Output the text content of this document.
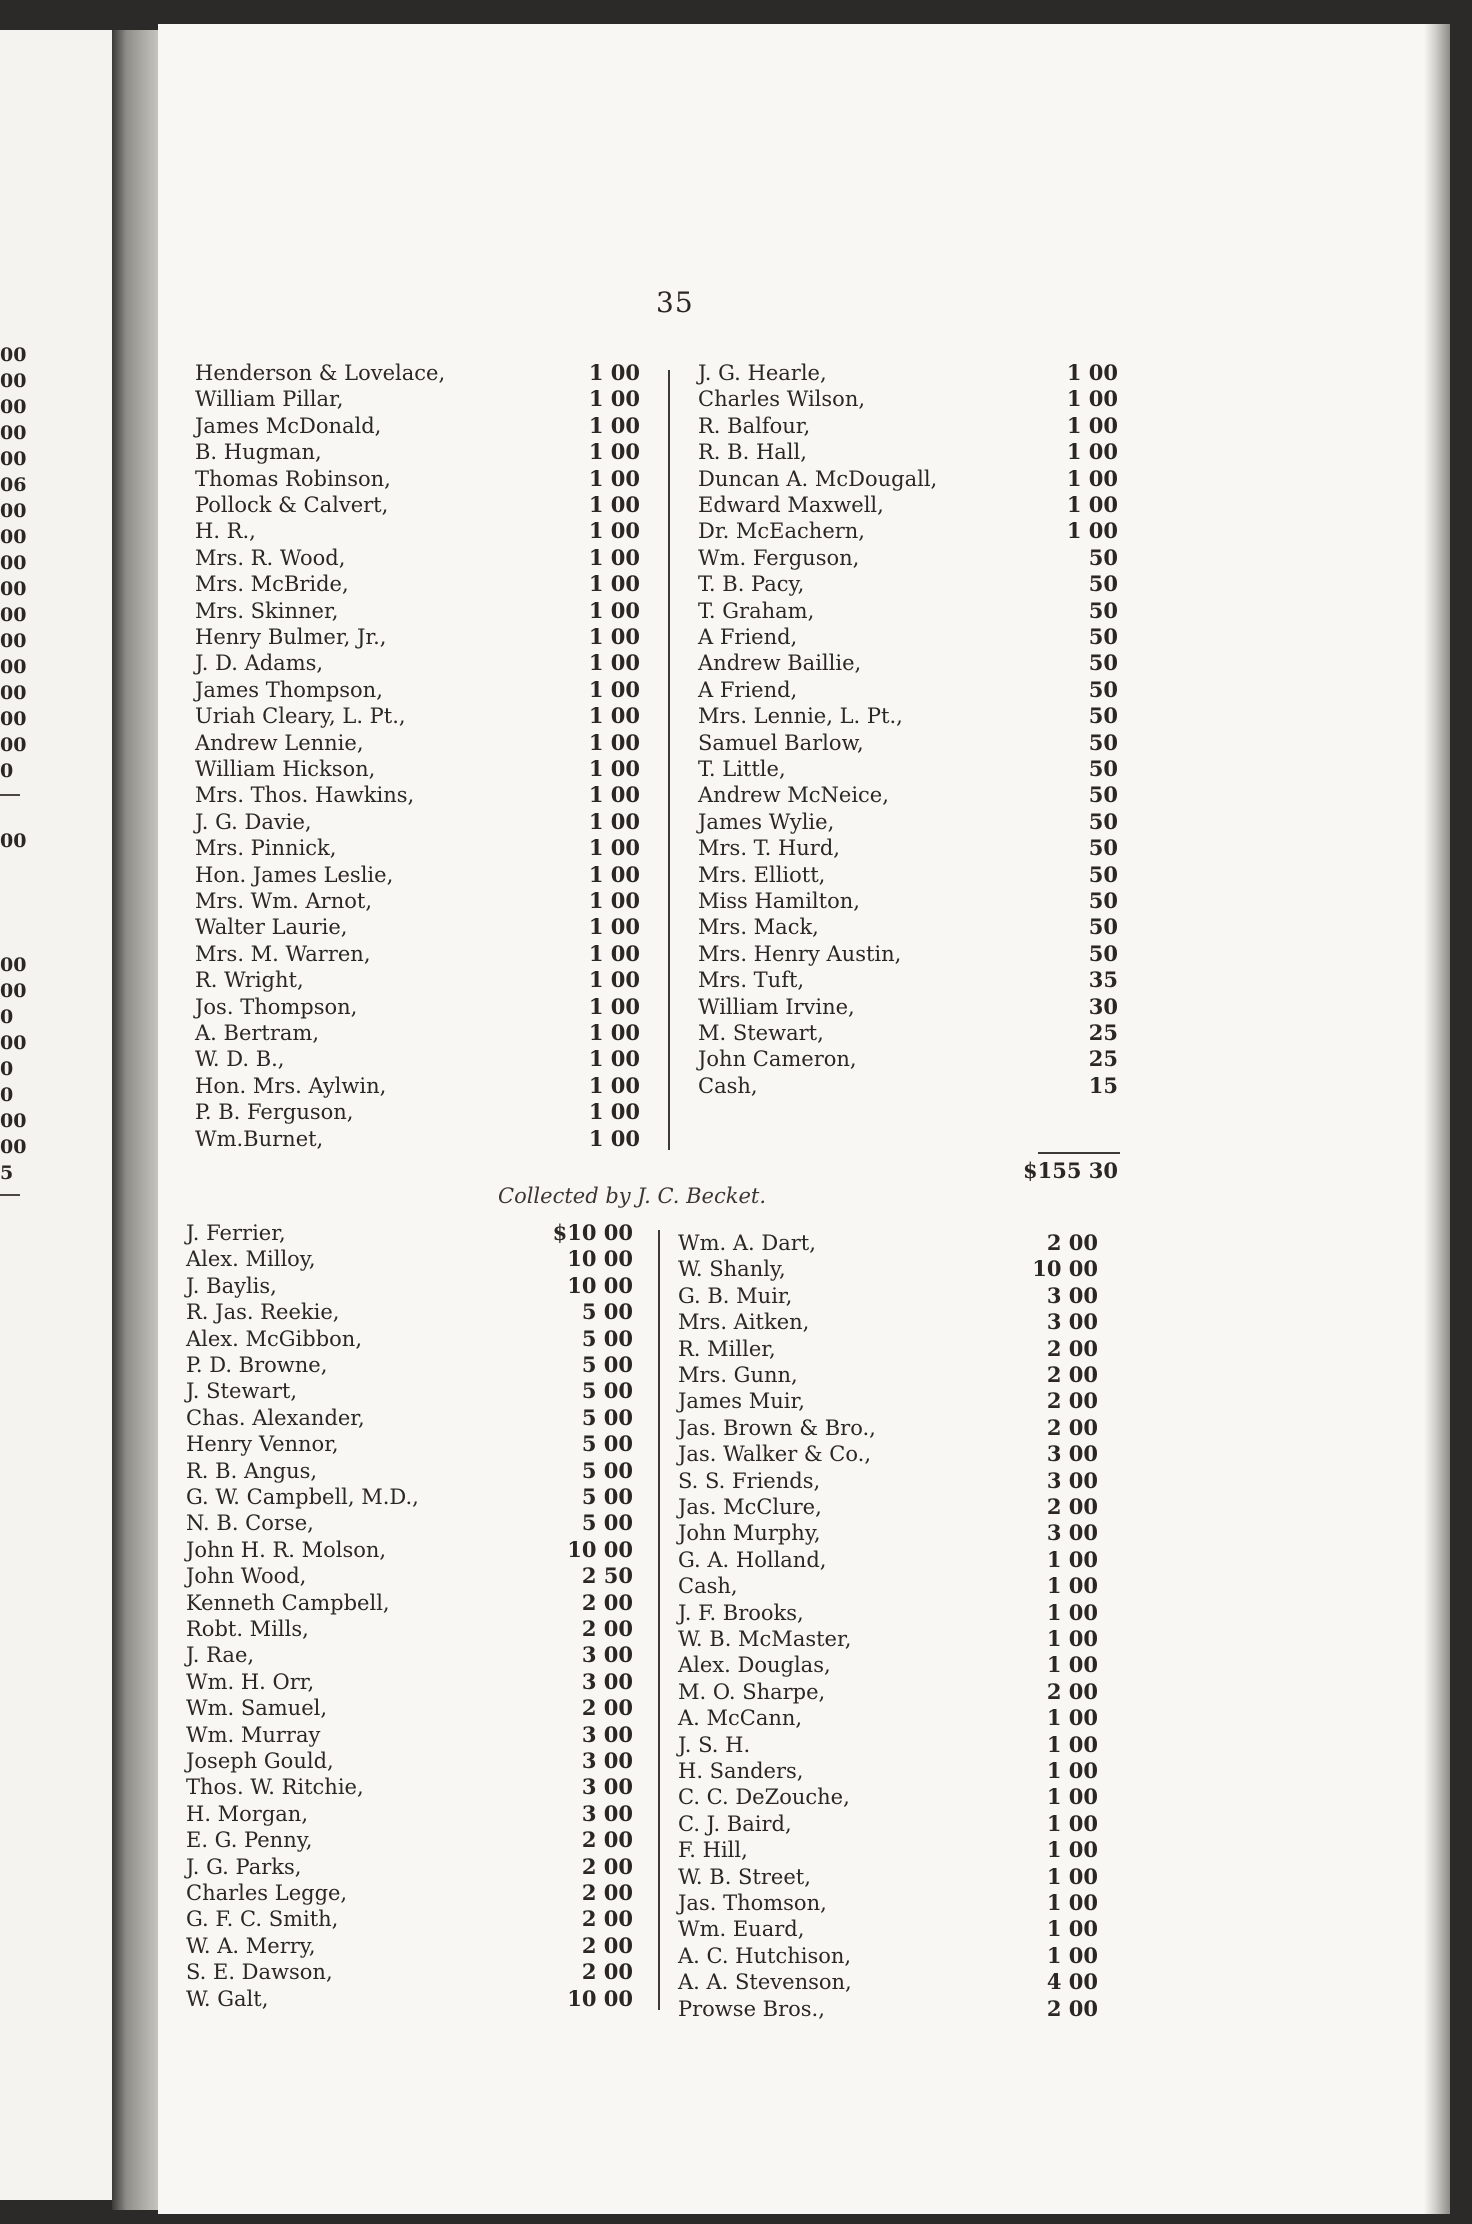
00
00
00
00
00
06
00
00
00
00
00
00
00
00
00
00
0
00
00
00
0
00
0
0
00
00
5
35
Henderson & Lovelace,	1 00
William Pillar,	1 00
James McDonald,	1 00
B. Hugman,	1 00
Thomas Robinson,	1 00
Pollock & Calvert,	1 00
H. R.,	1 00
Mrs. R. Wood,	1 00
Mrs. McBride,	1 00
Mrs. Skinner,	1 00
Henry Bulmer, Jr.,	1 00
J. D. Adams,	1 00
James Thompson,	1 00
Uriah Cleary, L. Pt.,	1 00
Andrew Lennie,	1 00
William Hickson,	1 00
Mrs. Thos. Hawkins,	1 00
J. G. Davie,	1 00
Mrs. Pinnick,	1 00
Hon. James Leslie,	1 00
Mrs. Wm. Arnot,	1 00
Walter Laurie,	1 00
Mrs. M. Warren,	1 00
R. Wright,	1 00
Jos. Thompson,	1 00
A. Bertram,	1 00
W. D. B.,	1 00
Hon. Mrs. Aylwin,	1 00
P. B. Ferguson,	1 00
Wm.Burnet,	1 00
J. G. Hearle,	1 00
Charles Wilson,	1 00
R. Balfour,	1 00
R. B. Hall,	1 00
Duncan A. McDougall,	1 00
Edward Maxwell,	1 00
Dr. McEachern,	1 00
Wm. Ferguson,	50
T. B. Pacy,	50
T. Graham,	50
A Friend,	50
Andrew Baillie,	50
A Friend,	50
Mrs. Lennie, L. Pt.,	50
Samuel Barlow,	50
T. Little,	50
Andrew McNeice,	50
James Wylie,	50
Mrs. T. Hurd,	50
Mrs. Elliott,	50
Miss Hamilton,	50
Mrs. Mack,	50
Mrs. Henry Austin,	50
Mrs. Tuft,	35
William Irvine,	30
M. Stewart,	25
John Cameron,	25
Cash,	15
$155 30
Collected by J. C. Becket.
J. Ferrier,	$10 00
Alex. Milloy,	10 00
J. Baylis,	10 00
R. Jas. Reekie,	5 00
Alex. McGibbon,	5 00
P. D. Browne,	5 00
J. Stewart,	5 00
Chas. Alexander,	5 00
Henry Vennor,	5 00
R. B. Angus,	5 00
G. W. Campbell, M.D.,	5 00
N. B. Corse,	5 00
John H. R. Molson,	10 00
John Wood,	2 50
Kenneth Campbell,	2 00
Robt. Mills,	2 00
J. Rae,	3 00
Wm. H. Orr,	3 00
Wm. Samuel,	2 00
Wm. Murray	3 00
Joseph Gould,	3 00
Thos. W. Ritchie,	3 00
H. Morgan,	3 00
E. G. Penny,	2 00
J. G. Parks,	2 00
Charles Legge,	2 00
G. F. C. Smith,	2 00
W. A. Merry,	2 00
S. E. Dawson,	2 00
W. Galt,	10 00
Wm. A. Dart,	2 00
W. Shanly,	10 00
G. B. Muir,	3 00
Mrs. Aitken,	3 00
R. Miller,	2 00
Mrs. Gunn,	2 00
James Muir,	2 00
Jas. Brown & Bro.,	2 00
Jas. Walker & Co.,	3 00
S. S. Friends,	3 00
Jas. McClure,	2 00
John Murphy,	3 00
G. A. Holland,	1 00
Cash,	1 00
J. F. Brooks,	1 00
W. B. McMaster,	1 00
Alex. Douglas,	1 00
M. O. Sharpe,	2 00
A. McCann,	1 00
J. S. H.	1 00
H. Sanders,	1 00
C. C. DeZouche,	1 00
C. J. Baird,	1 00
F. Hill,	1 00
W. B. Street,	1 00
Jas. Thomson,	1 00
Wm. Euard,	1 00
A. C. Hutchison,	1 00
A. A. Stevenson,	4 00
Prowse Bros.,	2 00
